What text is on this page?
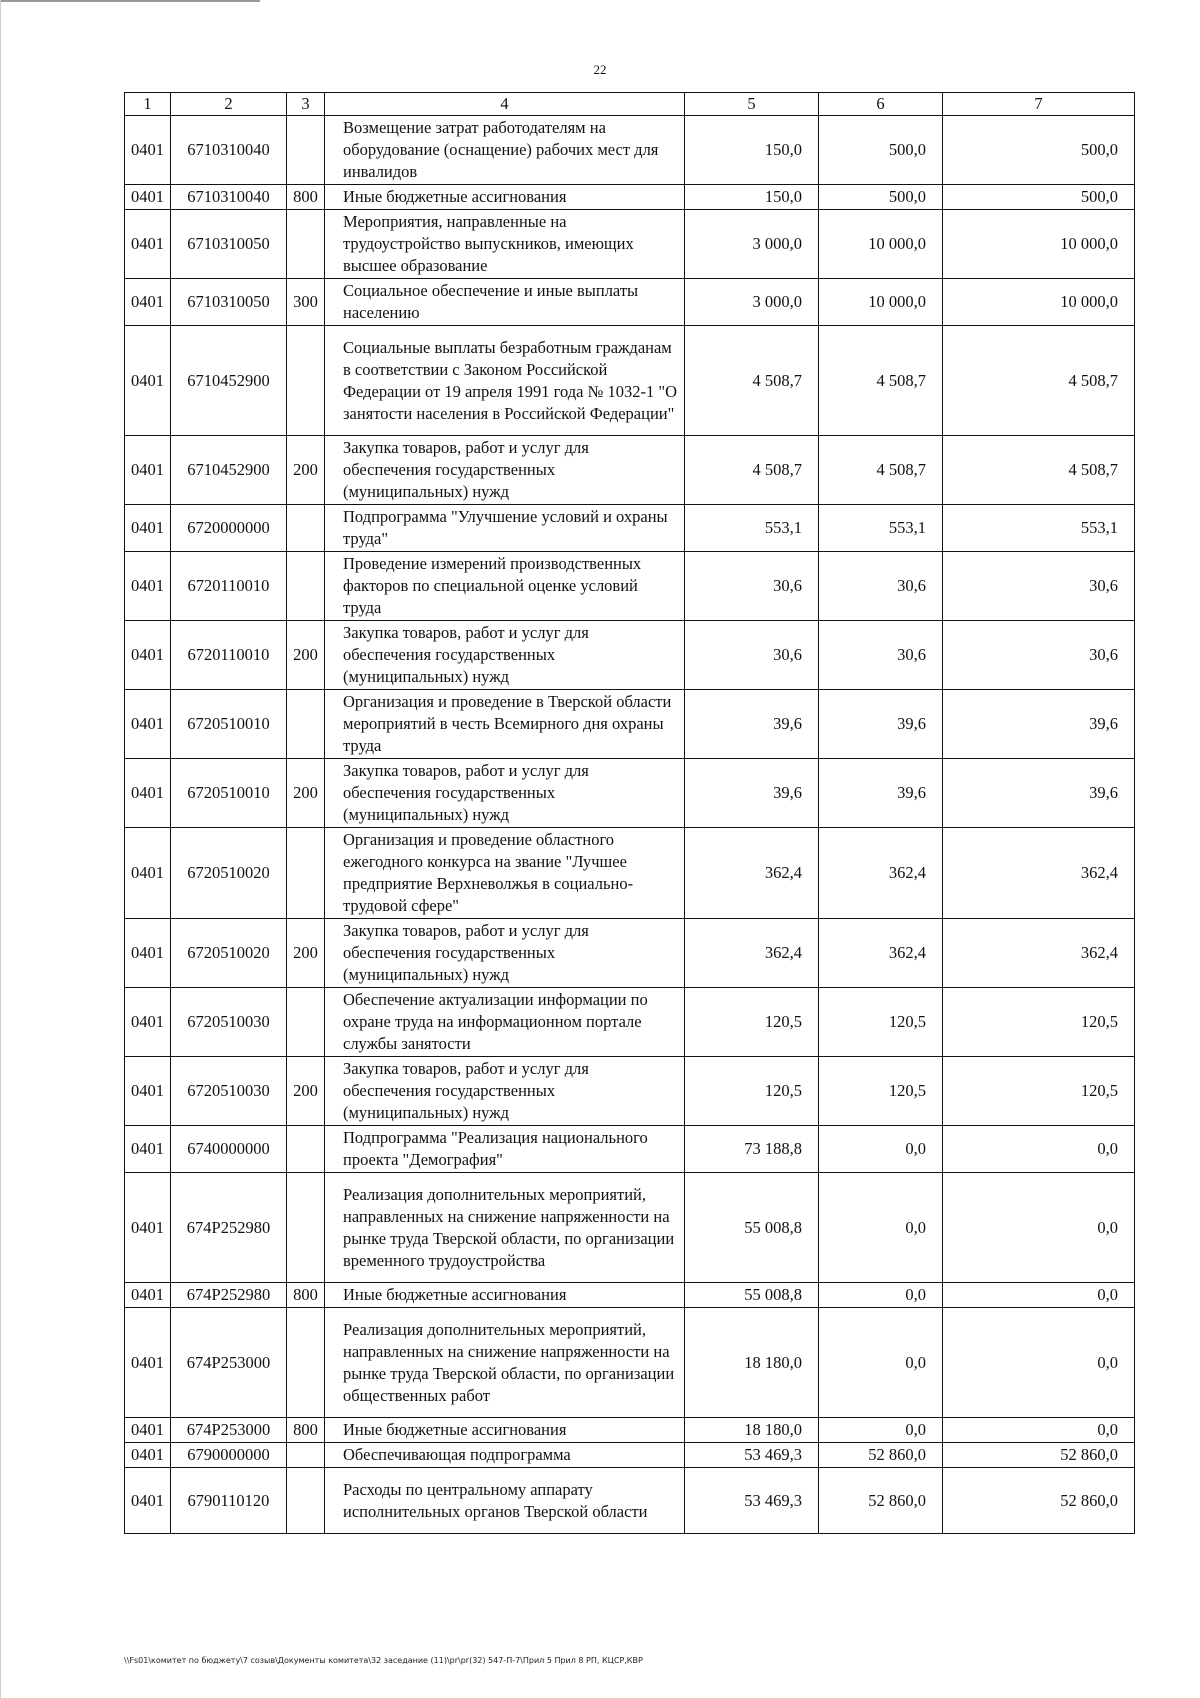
22
1	2	3	4	5	6	7
0401	6710310040		Возмещение затрат работодателям на оборудование (оснащение) рабочих мест для инвалидов	150,0	500,0	500,0
0401	6710310040	800	Иные бюджетные ассигнования	150,0	500,0	500,0
0401	6710310050		Мероприятия, направленные на трудоустройство выпускников, имеющих высшее образование	3 000,0	10 000,0	10 000,0
0401	6710310050	300	Социальное обеспечение и иные выплаты населению	3 000,0	10 000,0	10 000,0
0401	6710452900		Социальные выплаты безработным гражданам в соответствии с Законом Российской Федерации от 19 апреля 1991 года № 1032-1 "О занятости населения в Российской Федерации"	4 508,7	4 508,7	4 508,7
0401	6710452900	200	Закупка товаров, работ и услуг для обеспечения государственных (муниципальных) нужд	4 508,7	4 508,7	4 508,7
0401	6720000000		Подпрограмма "Улучшение условий и охраны труда"	553,1	553,1	553,1
0401	6720110010		Проведение измерений производственных факторов по специальной оценке условий труда	30,6	30,6	30,6
0401	6720110010	200	Закупка товаров, работ и услуг для обеспечения государственных (муниципальных) нужд	30,6	30,6	30,6
0401	6720510010		Организация и проведение в Тверской области мероприятий в честь Всемирного дня охраны труда	39,6	39,6	39,6
0401	6720510010	200	Закупка товаров, работ и услуг для обеспечения государственных (муниципальных) нужд	39,6	39,6	39,6
0401	6720510020		Организация и проведение областного ежегодного конкурса на звание "Лучшее предприятие Верхневолжья в социально-трудовой сфере"	362,4	362,4	362,4
0401	6720510020	200	Закупка товаров, работ и услуг для обеспечения государственных (муниципальных) нужд	362,4	362,4	362,4
0401	6720510030		Обеспечение актуализации информации по охране труда на информационном портале службы занятости	120,5	120,5	120,5
0401	6720510030	200	Закупка товаров, работ и услуг для обеспечения государственных (муниципальных) нужд	120,5	120,5	120,5
0401	6740000000		Подпрограмма "Реализация национального проекта "Демография"	73 188,8	0,0	0,0
0401	674P252980		Реализация дополнительных мероприятий, направленных на снижение напряженности на рынке труда Тверской области, по организации временного трудоустройства	55 008,8	0,0	0,0
0401	674P252980	800	Иные бюджетные ассигнования	55 008,8	0,0	0,0
0401	674P253000		Реализация дополнительных мероприятий, направленных на снижение напряженности на рынке труда Тверской области, по организации общественных работ	18 180,0	0,0	0,0
0401	674P253000	800	Иные бюджетные ассигнования	18 180,0	0,0	0,0
0401	6790000000		Обеспечивающая подпрограмма	53 469,3	52 860,0	52 860,0
0401	6790110120		Расходы по центральному аппарату исполнительных органов Тверской области	53 469,3	52 860,0	52 860,0
\\Fs01\комитет по бюджету\7 созыв\Документы комитета\32 заседание (11)\pr\pr(32) 547-П-7\Прил 5 Прил 8 РП, КЦСР,КВР
